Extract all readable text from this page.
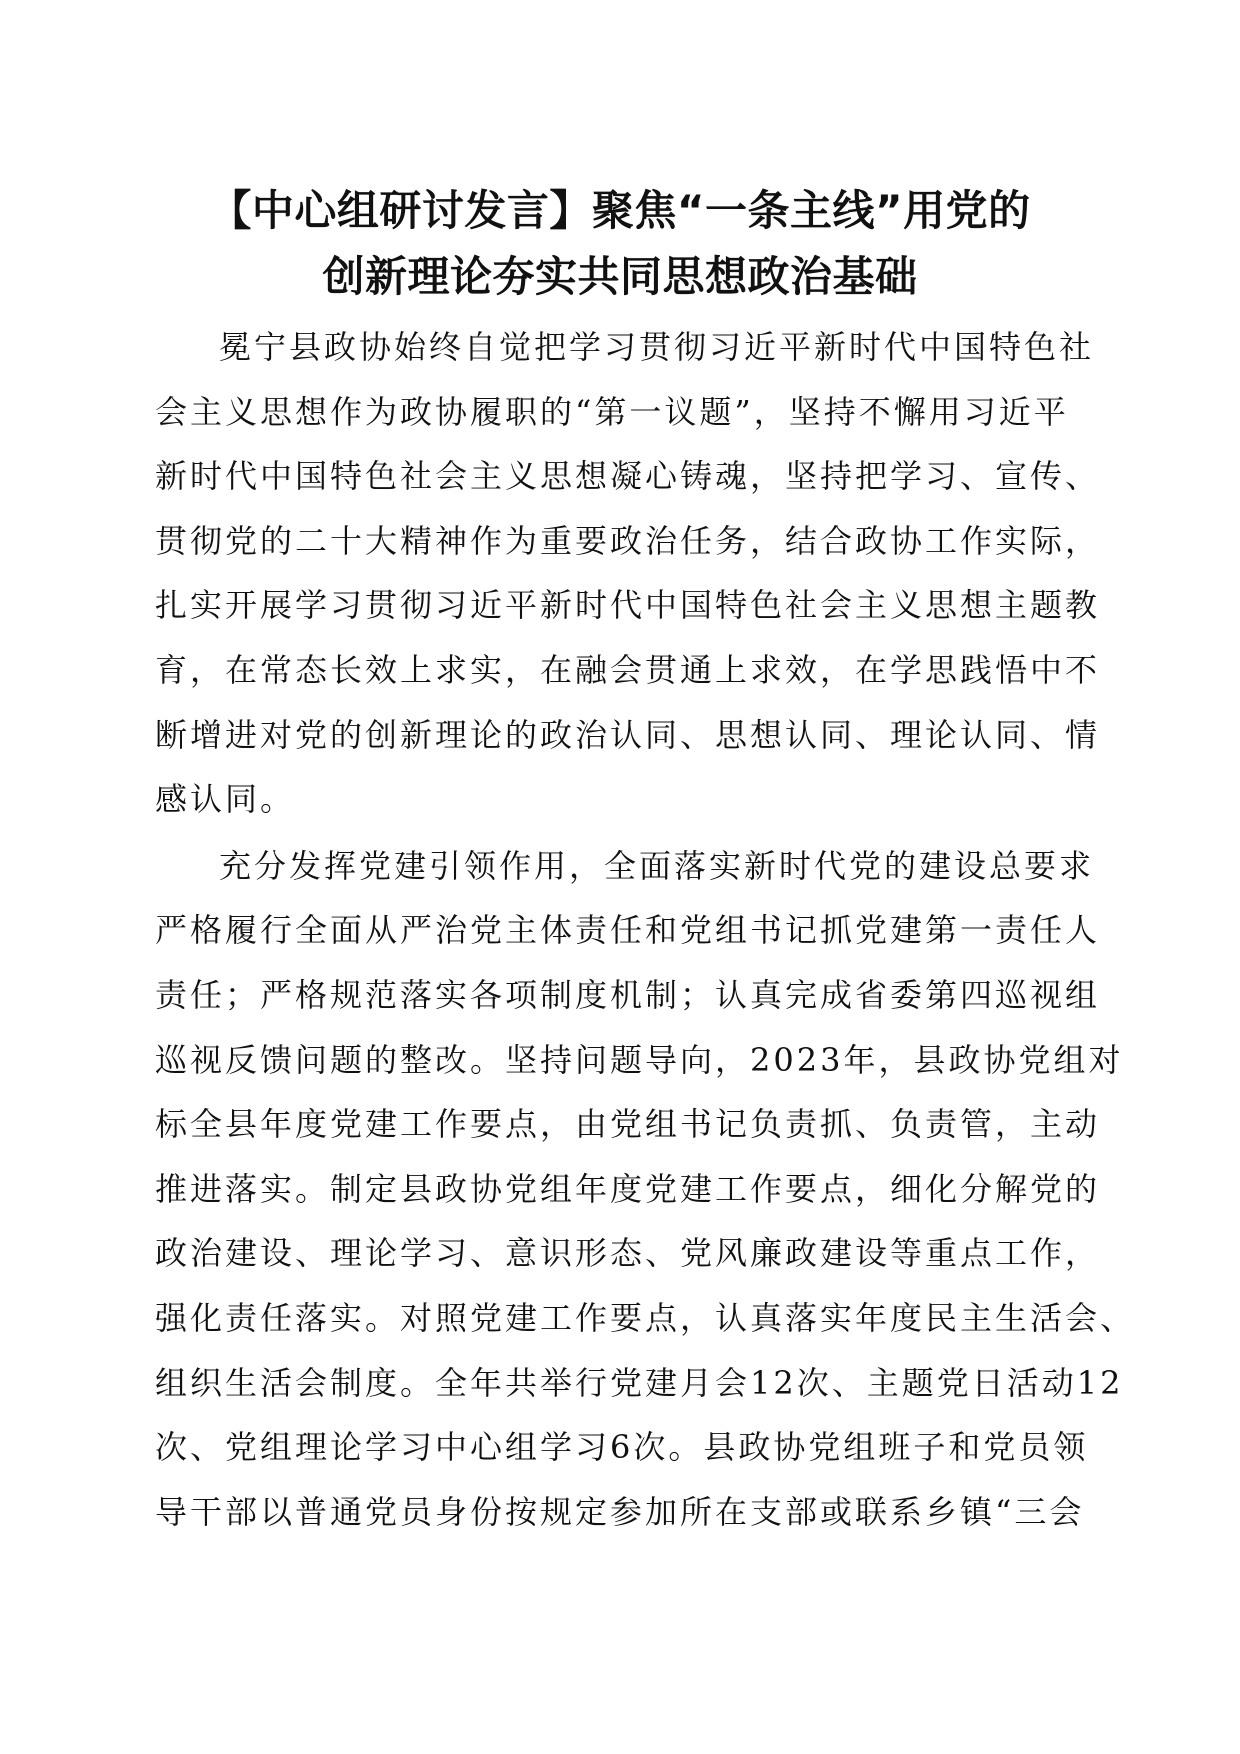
【中心组研讨发言】聚焦“一条主线”用党的
创新理论夯实共同思想政治基础

冕宁县政协始终自觉把学习贯彻习近平新时代中国特色社
会主义思想作为政协履职的“第一议题”，坚持不懈用习近平
新时代中国特色社会主义思想凝心铸魂，坚持把学习、宣传、
贯彻党的二十大精神作为重要政治任务，结合政协工作实际，
扎实开展学习贯彻习近平新时代中国特色社会主义思想主题教
育，在常态长效上求实，在融会贯通上求效，在学思践悟中不
断增进对党的创新理论的政治认同、思想认同、理论认同、情
感认同。

充分发挥党建引领作用，全面落实新时代党的建设总要求
严格履行全面从严治党主体责任和党组书记抓党建第一责任人
责任；严格规范落实各项制度机制；认真完成省委第四巡视组
巡视反馈问题的整改。坚持问题导向，2023年，县政协党组对
标全县年度党建工作要点，由党组书记负责抓、负责管，主动
推进落实。制定县政协党组年度党建工作要点，细化分解党的
政治建设、理论学习、意识形态、党风廉政建设等重点工作，
强化责任落实。对照党建工作要点，认真落实年度民主生活会、
组织生活会制度。全年共举行党建月会12次、主题党日活动12
次、党组理论学习中心组学习6次。县政协党组班子和党员领
导干部以普通党员身份按规定参加所在支部或联系乡镇“三会
